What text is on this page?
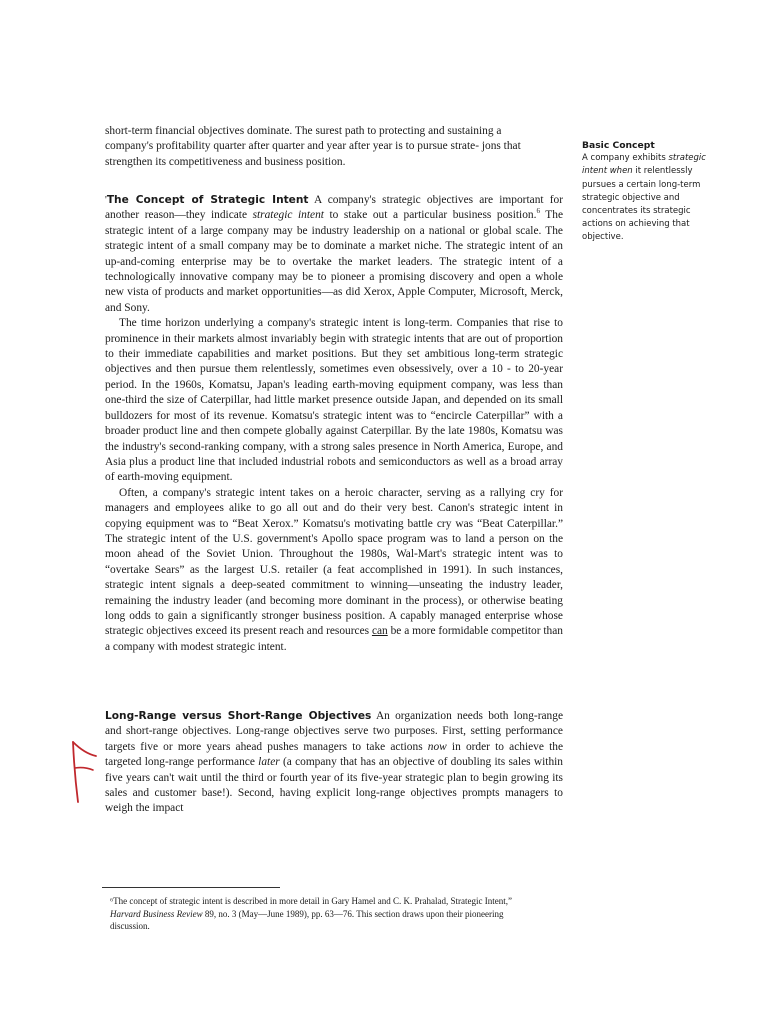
short-term financial objectives dominate. The surest path to protecting and sustaining a company's profitability quarter after quarter and year after year is to pursue strate- jons that strengthen its competitiveness and business position.

'The Concept of Strategic Intent A company's strategic objectives are important for another reason—they indicate strategic intent to stake out a particular business position.$^6$ The strategic intent of a large company may be industry leadership on a national or global scale. The strategic intent of a small company may be to dominate a market niche. The strategic intent of an up-and-coming enterprise may be to overtake the market leaders. The strategic intent of a technologically innovative company may be to pioneer a promising discovery and open a whole new vista of products and market opportunities—as did Xerox, Apple Computer, Microsoft, Merck, and Sony.

The time horizon underlying a company's strategic intent is long-term. Companies that rise to prominence in their markets almost invariably begin with strategic intents that are out of proportion to their immediate capabilities and market positions. But they set ambitious long-term strategic objectives and then pursue them relentlessly, sometimes even obsessively, over a 10 - to 20-year period. In the 1960s, Komatsu, Japan's leading earth-moving equipment company, was less than one-third the size of Caterpillar, had little market presence outside Japan, and depended on its small bulldozers for most of its revenue. Komatsu's strategic intent was to “encircle Caterpillar” with a broader product line and then compete globally against Caterpillar. By the late 1980s, Komatsu was the industry's second-ranking company, with a strong sales presence in North America, Europe, and Asia plus a product line that included industrial robots and semiconductors as well as a broad array of earth-moving equipment.

Often, a company's strategic intent takes on a heroic character, serving as a rallying cry for managers and employees alike to go all out and do their very best. Canon's strategic intent in copying equipment was to “Beat Xerox.” Komatsu's motivating battle cry was “Beat Caterpillar.” The strategic intent of the U.S. government's Apollo space program was to land a person on the moon ahead of the Soviet Union. Throughout the 1980s, Wal-Mart's strategic intent was to “overtake Sears” as the largest U.S. retailer (a feat accomplished in 1991). In such instances, strategic intent signals a deep-seated commitment to winning—unseating the industry leader, remaining the industry leader (and becoming more dominant in the process), or otherwise beating long odds to gain a significantly stronger business position. A capably managed enterprise whose strategic objectives exceed its present reach and resources can be a more formidable competitor than a company with modest strategic intent.

Long-Range versus Short-Range Objectives An organization needs both long-range and short-range objectives. Long-range objectives serve two purposes. First, setting performance targets five or more years ahead pushes managers to take actions now in order to achieve the targeted long-range performance later (a company that has an objective of doubling its sales within five years can't wait until the third or fourth year of its five-year strategic plan to begin growing its sales and customer base!). Second, having explicit long-range objectives prompts managers to weigh the impact

Basic Concept
A company exhibits strategic intent when it relentlessly pursues a certain long-term strategic objective and concentrates its strategic actions on achieving that objective.
⁶The concept of strategic intent is described in more detail in Gary Hamel and C. K. Prahalad, Strategic Intent,” Harvard Business Review 89, no. 3 (May—June 1989), pp. 63—76. This section draws upon their pioneering discussion.
